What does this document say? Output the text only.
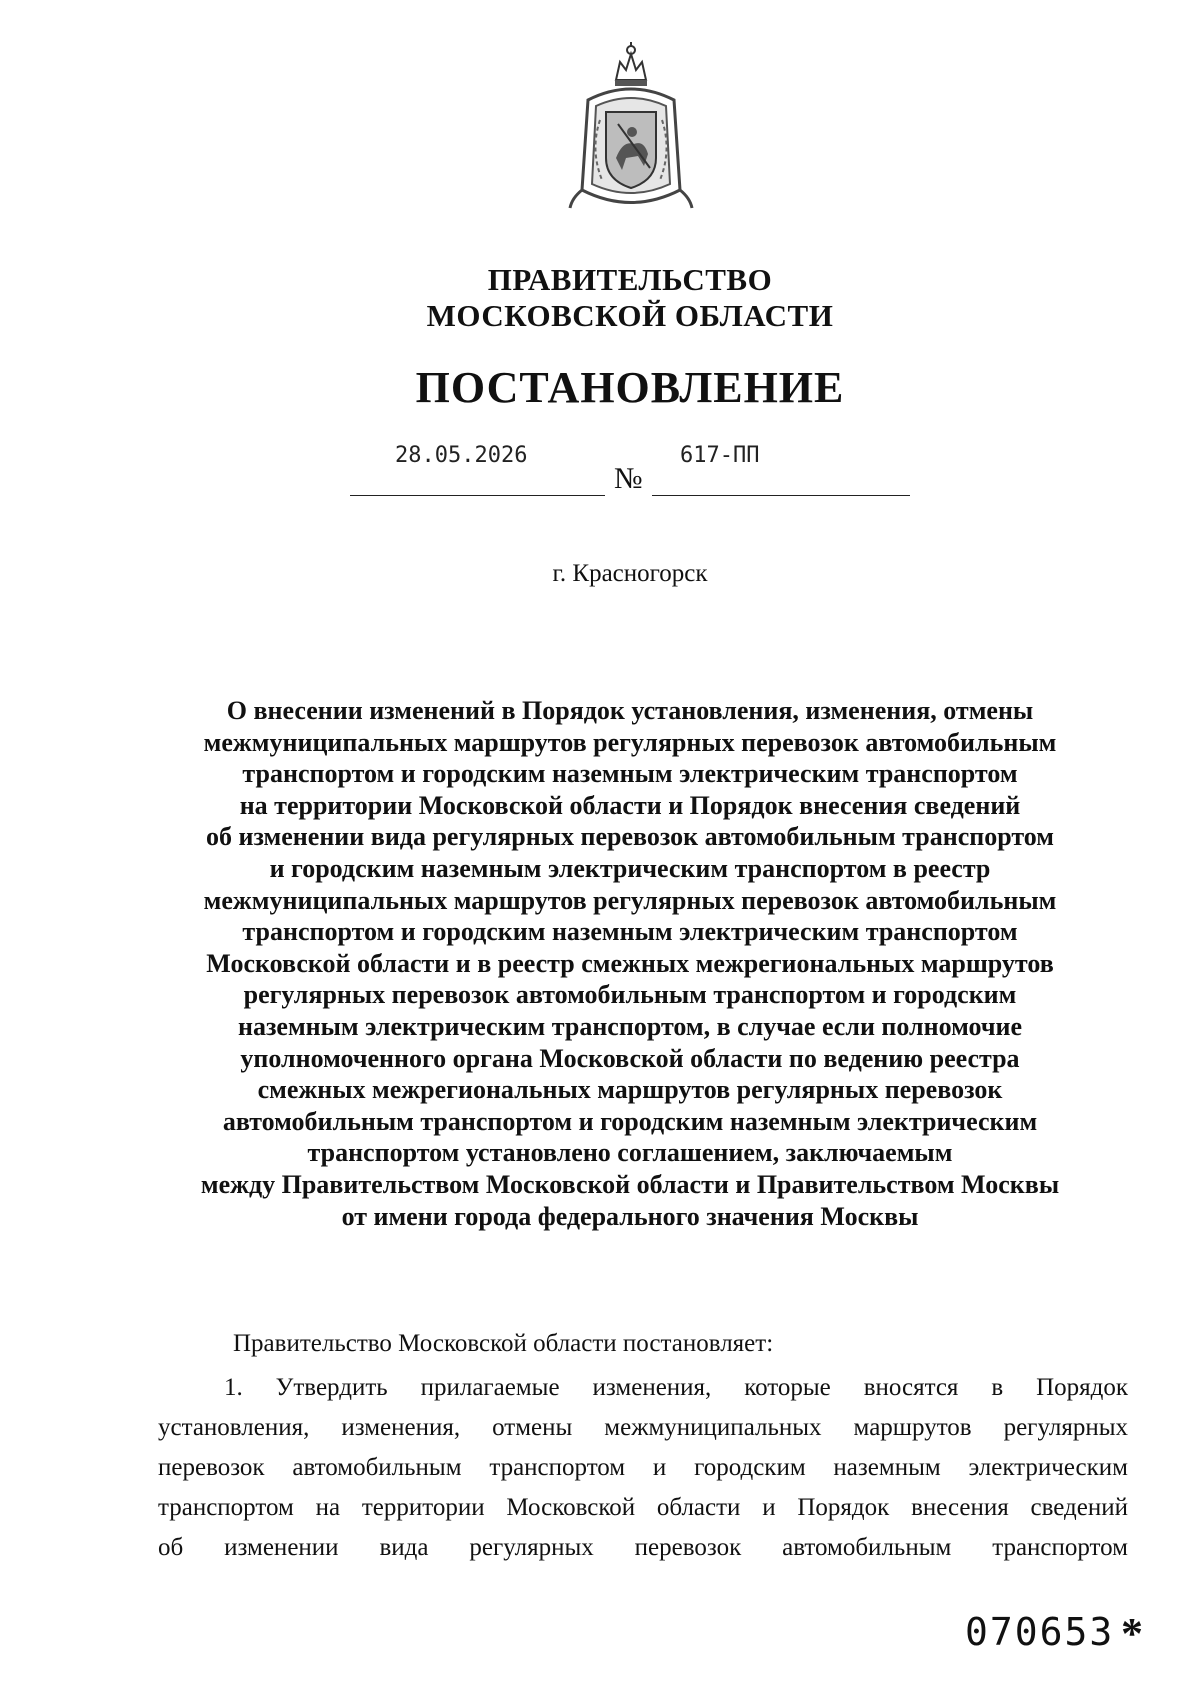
ПРАВИТЕЛЬСТВО
МОСКОВСКОЙ ОБЛАСТИ
ПОСТАНОВЛЕНИЕ
28.05.2026
№
617-ПП
г. Красногорск
О внесении изменений в Порядок установления, изменения, отмены
межмуниципальных маршрутов регулярных перевозок автомобильным
транспортом и городским наземным электрическим транспортом
на территории Московской области и Порядок внесения сведений
об изменении вида регулярных перевозок автомобильным транспортом
и городским наземным электрическим транспортом в реестр
межмуниципальных маршрутов регулярных перевозок автомобильным
транспортом и городским наземным электрическим транспортом
Московской области и в реестр смежных межрегиональных маршрутов
регулярных перевозок автомобильным транспортом и городским
наземным электрическим транспортом, в случае если полномочие
уполномоченного органа Московской области по ведению реестра
смежных межрегиональных маршрутов регулярных перевозок
автомобильным транспортом и городским наземным электрическим
транспортом установлено соглашением, заключаемым
между Правительством Московской области и Правительством Москвы
от имени города федерального значения Москвы
Правительство Московской области постановляет:
1. Утвердить прилагаемые изменения, которые вносятся в Порядок
установления, изменения, отмены межмуниципальных маршрутов регулярных
перевозок автомобильным транспортом и городским наземным электрическим
транспортом на территории Московской области и Порядок внесения сведений
об изменении вида регулярных перевозок автомобильным транспортом
070653 *
